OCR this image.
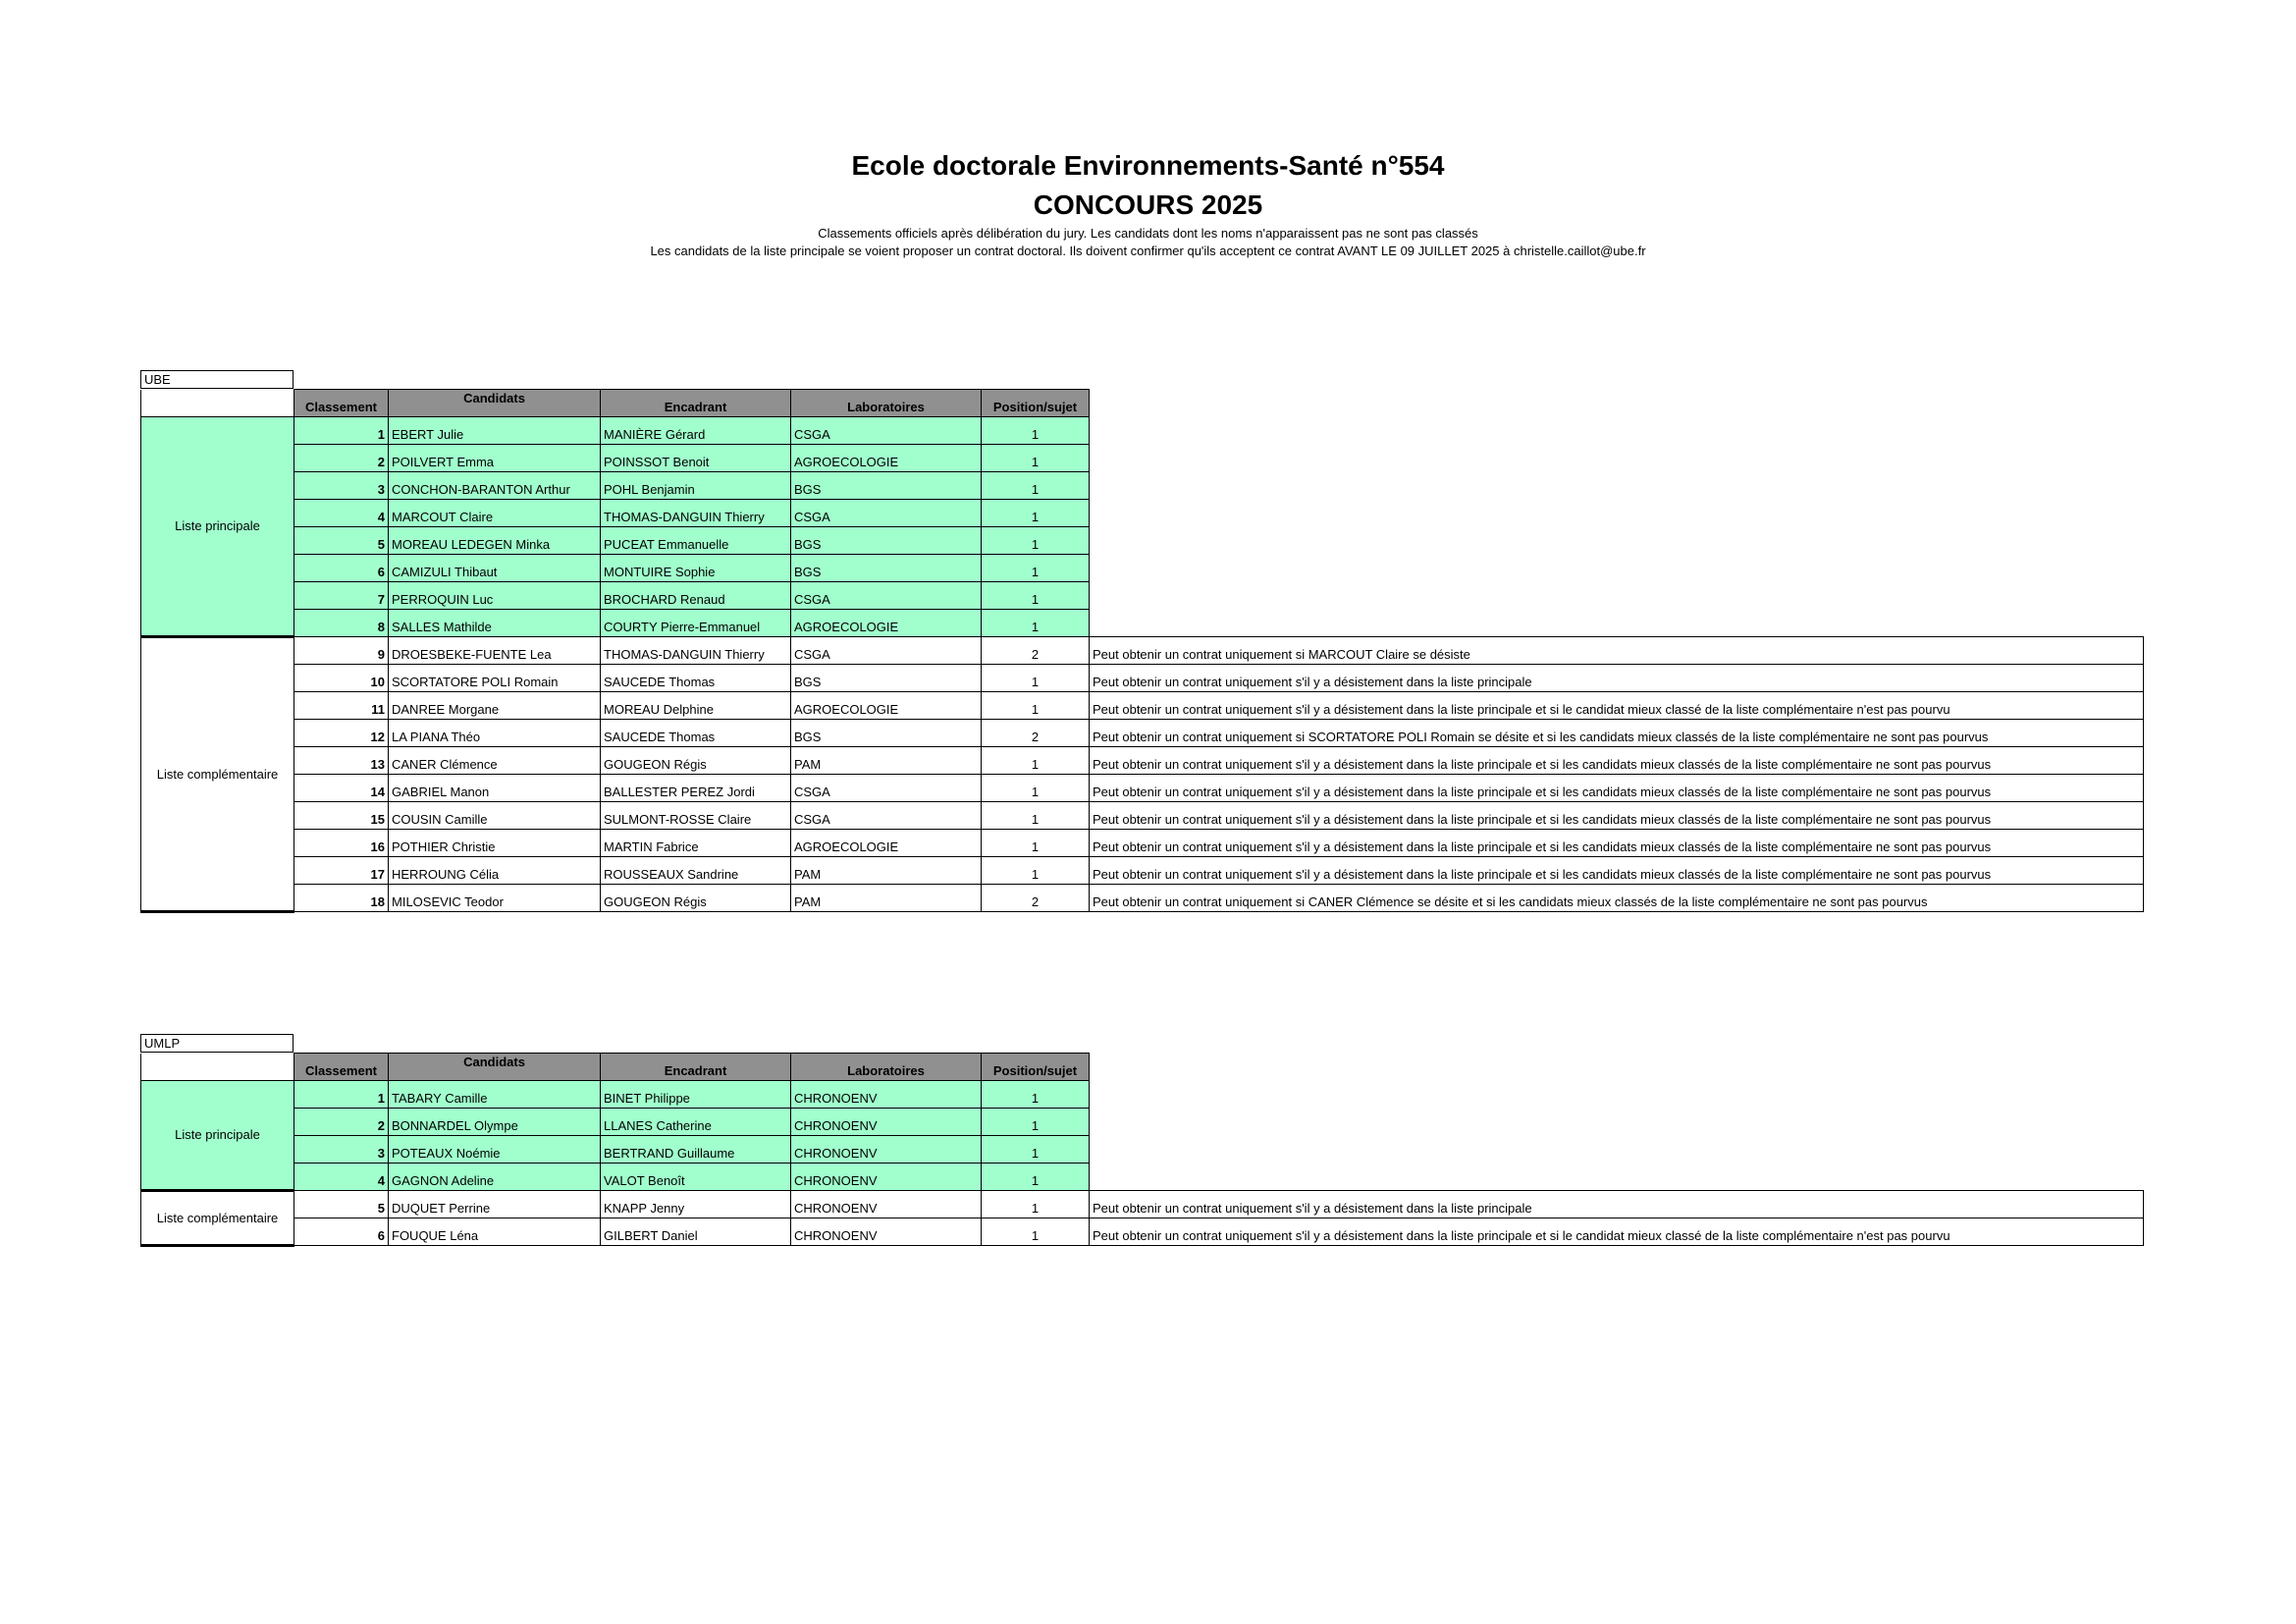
Ecole doctorale Environnements-Santé n°554
CONCOURS 2025
Classements officiels après délibération du jury. Les candidats dont les noms n'apparaissent pas ne sont pas classés
Les candidats de la liste principale se voient proposer un contrat doctoral. Ils doivent confirmer qu'ils acceptent ce contrat AVANT LE 09 JUILLET 2025 à christelle.caillot@ube.fr
UBE
	Classement	Candidats	Encadrant	Laboratoires	Position/sujet	
Liste principale	1	EBERT Julie	MANIÈRE Gérard	CSGA	1	
	2	POILVERT Emma	POINSSOT Benoit	AGROECOLOGIE	1	
	3	CONCHON-BARANTON Arthur	POHL Benjamin	BGS	1	
	4	MARCOUT Claire	THOMAS-DANGUIN Thierry	CSGA	1	
	5	MOREAU LEDEGEN Minka	PUCEAT Emmanuelle	BGS	1	
	6	CAMIZULI Thibaut	MONTUIRE Sophie	BGS	1	
	7	PERROQUIN Luc	BROCHARD Renaud	CSGA	1	
	8	SALLES Mathilde	COURTY Pierre-Emmanuel	AGROECOLOGIE	1	
Liste complémentaire	9	DROESBEKE-FUENTE Lea	THOMAS-DANGUIN Thierry	CSGA	2	Peut obtenir un contrat uniquement si MARCOUT Claire se désiste
	10	SCORTATORE POLI Romain	SAUCEDE Thomas	BGS	1	Peut obtenir un contrat uniquement s'il y a désistement dans la liste principale
	11	DANREE Morgane	MOREAU Delphine	AGROECOLOGIE	1	Peut obtenir un contrat uniquement s'il y a désistement dans la liste principale et si le candidat mieux classé de la liste complémentaire n'est pas pourvu
	12	LA PIANA Théo	SAUCEDE Thomas	BGS	2	Peut obtenir un contrat uniquement si SCORTATORE POLI Romain se désite et si les candidats mieux classés de la liste complémentaire ne sont pas pourvus
	13	CANER Clémence	GOUGEON Régis	PAM	1	Peut obtenir un contrat uniquement s'il y a désistement dans la liste principale et si les candidats mieux classés de la liste complémentaire ne sont pas pourvus
	14	GABRIEL Manon	BALLESTER PEREZ Jordi	CSGA	1	Peut obtenir un contrat uniquement s'il y a désistement dans la liste principale et si les candidats mieux classés de la liste complémentaire ne sont pas pourvus
	15	COUSIN Camille	SULMONT-ROSSE Claire	CSGA	1	Peut obtenir un contrat uniquement s'il y a désistement dans la liste principale et si les candidats mieux classés de la liste complémentaire ne sont pas pourvus
	16	POTHIER Christie	MARTIN Fabrice	AGROECOLOGIE	1	Peut obtenir un contrat uniquement s'il y a désistement dans la liste principale et si les candidats mieux classés de la liste complémentaire ne sont pas pourvus
	17	HERROUNG Célia	ROUSSEAUX Sandrine	PAM	1	Peut obtenir un contrat uniquement s'il y a désistement dans la liste principale et si les candidats mieux classés de la liste complémentaire ne sont pas pourvus
	18	MILOSEVIC Teodor	GOUGEON Régis	PAM	2	Peut obtenir un contrat uniquement si CANER Clémence se désite et si les candidats mieux classés de la liste complémentaire ne sont pas pourvus
UMLP
	Classement	Candidats	Encadrant	Laboratoires	Position/sujet	
Liste principale	1	TABARY Camille	BINET Philippe	CHRONOENV	1	
	2	BONNARDEL Olympe	LLANES Catherine	CHRONOENV	1	
	3	POTEAUX Noémie	BERTRAND Guillaume	CHRONOENV	1	
	4	GAGNON Adeline	VALOT Benoît	CHRONOENV	1	
Liste complémentaire	5	DUQUET Perrine	KNAPP Jenny	CHRONOENV	1	Peut obtenir un contrat uniquement s'il y a désistement dans la liste principale
	6	FOUQUE Léna	GILBERT Daniel	CHRONOENV	1	Peut obtenir un contrat uniquement s'il y a désistement dans la liste principale et si le candidat mieux classé de la liste complémentaire n'est pas pourvu
